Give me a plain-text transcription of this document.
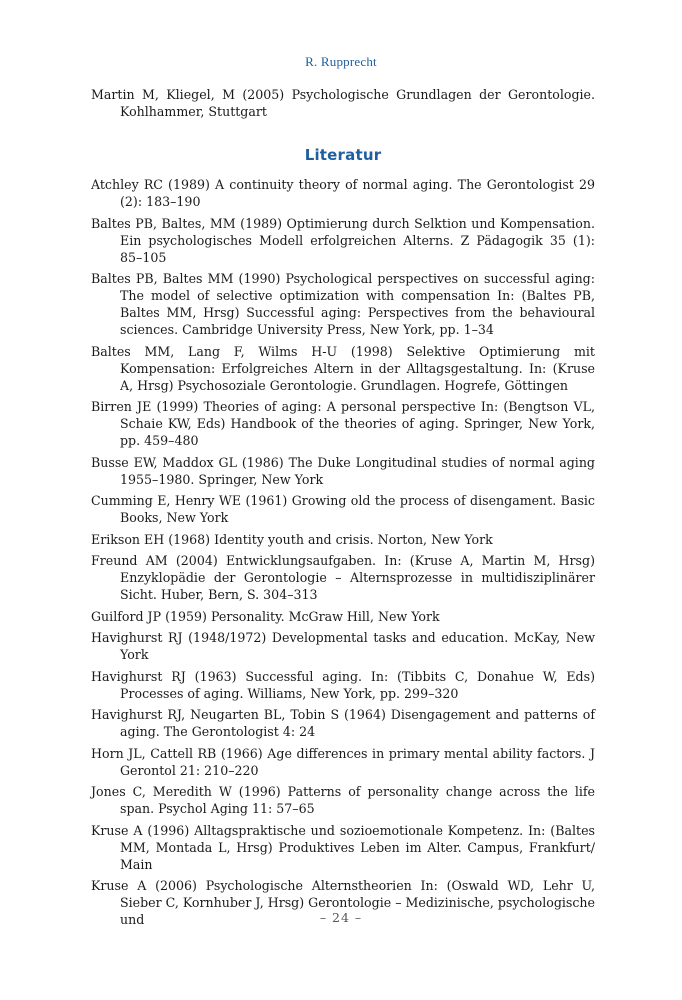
R. Rupprecht

Martin M, Kliegel, M (2005) Psychologische Grundlagen der Gerontologie. Kohlhammer, Stuttgart

Literatur

Atchley RC (1989) A continuity theory of normal aging. The Gerontologist 29 (2): 183–190

Baltes PB, Baltes, MM (1989) Optimierung durch Selktion und Kompensation. Ein psychologisches Modell erfolgreichen Alterns. Z Pädagogik 35 (1): 85–105

Baltes PB, Baltes MM (1990) Psychological perspectives on successful aging: The model of selective optimization with compensation In: (Baltes PB, Baltes MM, Hrsg) Successful aging: Perspectives from the behavioural sciences. Cambridge University Press, New York, pp. 1–34

Baltes MM, Lang F, Wilms H-U (1998) Selektive Optimierung mit Kompensation: Erfolgreiches Altern in der Alltagsgestaltung. In: (Kruse A, Hrsg) Psychosoziale Gerontologie. Grundlagen. Hogrefe, Göttingen

Birren JE (1999) Theories of aging: A personal perspective In: (Bengtson VL, Schaie KW, Eds) Handbook of the theories of aging. Springer, New York, pp. 459–480

Busse EW, Maddox GL (1986) The Duke Longitudinal studies of normal aging 1955–1980. Springer, New York

Cumming E, Henry WE (1961) Growing old the process of disengament. Basic Books, New York

Erikson EH (1968) Identity youth and crisis. Norton, New York

Freund AM (2004) Entwicklungsaufgaben. In: (Kruse A, Martin M, Hrsg) Enzyklopädie der Gerontologie – Alternsprozesse in multidisziplinärer Sicht. Huber, Bern, S. 304–313

Guilford JP (1959) Personality. McGraw Hill, New York

Havighurst RJ (1948/1972) Developmental tasks and education. McKay, New York

Havighurst RJ (1963) Successful aging. In: (Tibbits C, Donahue W, Eds) Processes of aging. Williams, New York, pp. 299–320

Havighurst RJ, Neugarten BL, Tobin S (1964) Disengagement and patterns of aging. The Gerontologist 4: 24

Horn JL, Cattell RB (1966) Age differences in primary mental ability factors. J Gerontol 21: 210–220

Jones C, Meredith W (1996) Patterns of personality change across the life span. Psychol Aging 11: 57–65

Kruse A (1996) Alltagspraktische und sozioemotionale Kompetenz. In: (Baltes MM, Montada L, Hrsg) Produktives Leben im Alter. Campus, Frankfurt/ Main

Kruse A (2006) Psychologische Alternstheorien In: (Oswald WD, Lehr U, Sieber C, Kornhuber J, Hrsg) Gerontologie – Medizinische, psychologische und	– 24 –
